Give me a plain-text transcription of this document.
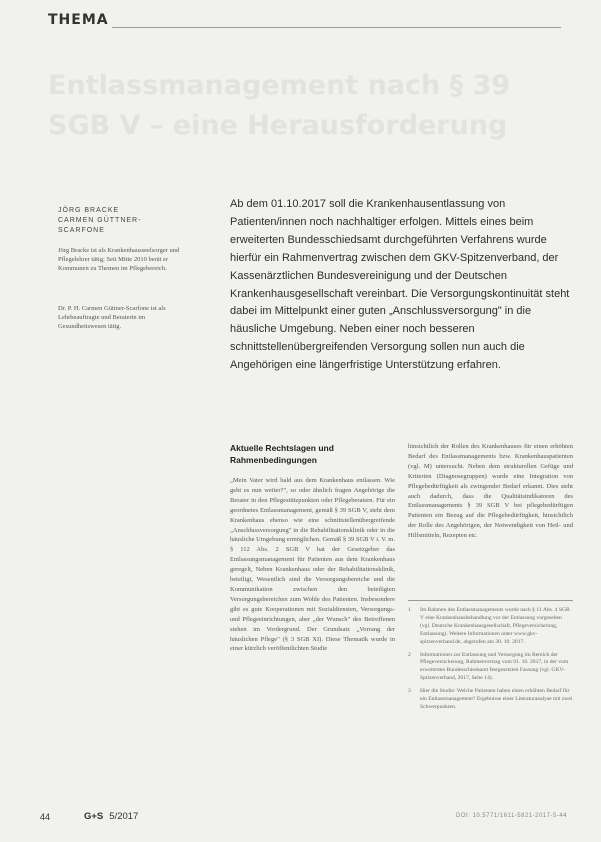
THEMA
Entlassmanagement nach § 39 SGB V – eine Herausforderung
JÖRG BRACKE
CARMEN GÜTTNER-
SCARFONE
Jörg Bracke ist als Krankenhausseelsorger und Pflegelehrer tätig; Seit Mitte 2010 berät er Kommunen zu Themen im Pflegebereich.
Dr. P. H. Carmen Güttner-Scarfone ist als Lehrbeauftragte und Beraterin im Gesundheitswesen tätig.
Ab dem 01.10.2017 soll die Krankenhausentlassung von Patienten/innen noch nachhaltiger erfolgen. Mittels eines beim erweiterten Bundesschiedsamt durchgeführten Verfahrens wurde hierfür ein Rahmenvertrag zwischen dem GKV-Spitzenverband, der Kassenärztlichen Bundesvereinigung und der Deutschen Krankenhausgesellschaft vereinbart. Die Versorgungskontinuität steht dabei im Mittelpunkt einer guten „Anschlussversorgung" in die häusliche Umgebung. Neben einer noch besseren schnittstellenübergreifenden Versorgung sollen nun auch die Angehörigen eine längerfristige Unterstützung erfahren.
Aktuelle Rechtslagen und Rahmenbedingungen
„Mein Vater wird bald aus dem Krankenhaus entlassen. Wie geht es nun weiter?", so oder ähnlich fragen Angehörige die Berater in den Pflegestützpunkten oder Pflegeberatern. Für ein geordnetes Entlassmanagement, gemäß § 39 SGB V, steht dem Krankenhaus ebenso wie eine schnittstellenübergreifende „Anschlussversorgung" in die Rehabilitationsklinik oder in die häusliche Umgebung ermöglichen. Gemäß § 39 SGB V i. V. m. § 112 Abs. 2 SGB V hat der Gesetzgeber das Entlassungsmanagement für Patienten aus dem Krankenhaus geregelt, Neben Krankenhaus oder der Rehabilitationsklinik, beteiligt, Wesentlich sind die Versorgungsbereiche und die Kommunikation zwischen den beteiligten Versorgungsbereichen zum Wohle des Patienten. Insbesondere gibt es gute Kooperationen mit Sozialdiensten, Versorgungs- und Pflegeeinrichtungen, aber „der Wunsch" des Betroffenen stehen im Vordergrund. Der Grundsatz „Vorrang der häuslichen Pflege" (§ 3 SGB XI). Diese Thematik wurde in einer kürzlich veröffentlichten Studie
hinsichtlich der Rollen des Krankenhauses für einen erhöhten Bedarf des Entlassmanagements bzw. Krankenhauspatienten (vgl. M) untersucht. Neben dem strukturellen Gefüge und Kriterien (Diagnosegruppen) wurde eine Integration von Pflegebedürftigkeit als zwingender Bedarf erkannt. Dies steht auch dadurch, dass die Qualitätsindikatoren des Entlassmanagements § 39 SGB V bei pflegebedürftigen Patienten ein Bezug auf die Pflegebedürftigkeit, hinsichtlich der Rolle des Angehörigen, der Notwendigkeit von Heil- und Hilfsmitteln, Rezepten etc.
1	Im Rahmen des Entlassmanagements wurde nach § 11 Abs. 4 SGB V eine Krankenhausbehandlung vor der Entlassung vorgesehen (vgl. Deutsche Krankenhausgesellschaft, Pflegeversicherung, Entlassung). Weitere Informationen unter www.gkv-spitzenverband.de, abgerufen am 30. 10. 2017.
2	Informationen zur Entlassung und Versorgung im Bereich der Pflegeversicherung, Rahmenvertrag vom 01. 10. 2017, in der vom erweiterten Bundesschiedsamt festgesetzten Fassung (vgl. GKV-Spitzenverband, 2017, Seite 14).
3	Hier die Studie: Welche Patienten haben einen erhöhten Bedarf für ein Entlassmanagement? Ergebnisse einer Literaturanalyse mit zwei Schwerpunkten.
44	G+S 5/2017	DOI: 10.5771/1611-5821-2017-5-44
